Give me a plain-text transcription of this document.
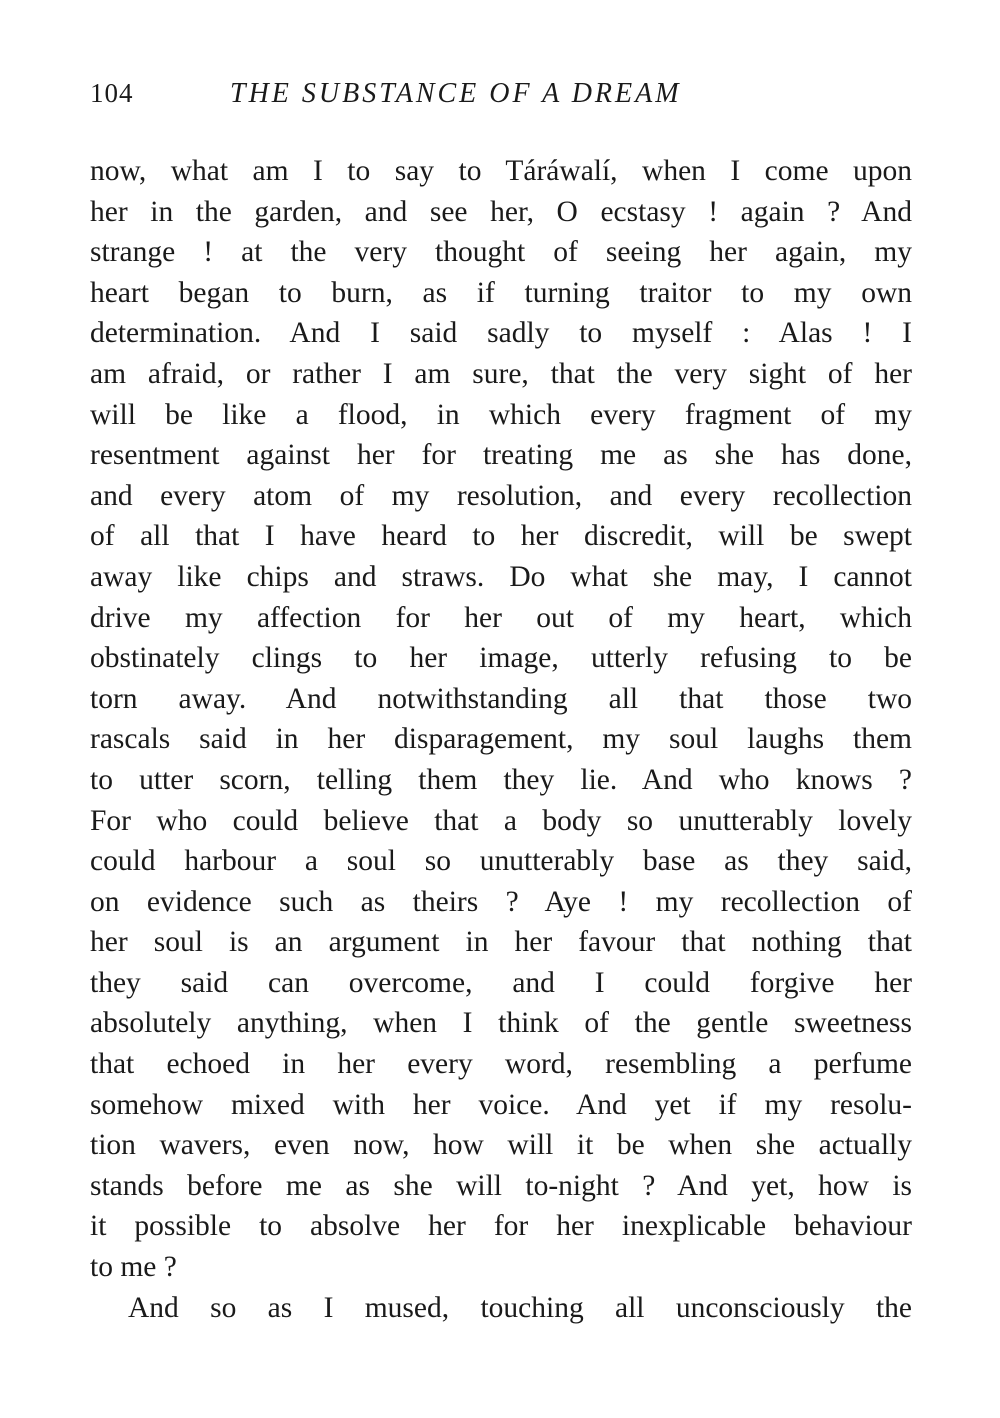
104	THE SUBSTANCE OF A DREAM
now, what am I to say to Táráwalí, when I come upon
her in the garden, and see her, O ecstasy ! again ? And
strange ! at the very thought of seeing her again, my
heart began to burn, as if turning traitor to my own
determination. And I said sadly to myself : Alas ! I
am afraid, or rather I am sure, that the very sight of her
will be like a flood, in which every fragment of my
resentment against her for treating me as she has done,
and every atom of my resolution, and every recollection
of all that I have heard to her discredit, will be swept
away like chips and straws. Do what she may, I cannot
drive my affection for her out of my heart, which
obstinately clings to her image, utterly refusing to be
torn away. And notwithstanding all that those two
rascals said in her disparagement, my soul laughs them
to utter scorn, telling them they lie. And who knows ?
For who could believe that a body so unutterably lovely
could harbour a soul so unutterably base as they said,
on evidence such as theirs ? Aye ! my recollection of
her soul is an argument in her favour that nothing that
they said can overcome, and I could forgive her
absolutely anything, when I think of the gentle sweetness
that echoed in her every word, resembling a perfume
somehow mixed with her voice. And yet if my resolu-
tion wavers, even now, how will it be when she actually
stands before me as she will to-night ? And yet, how is
it possible to absolve her for her inexplicable behaviour
to me ?
And so as I mused, touching all unconsciously the
